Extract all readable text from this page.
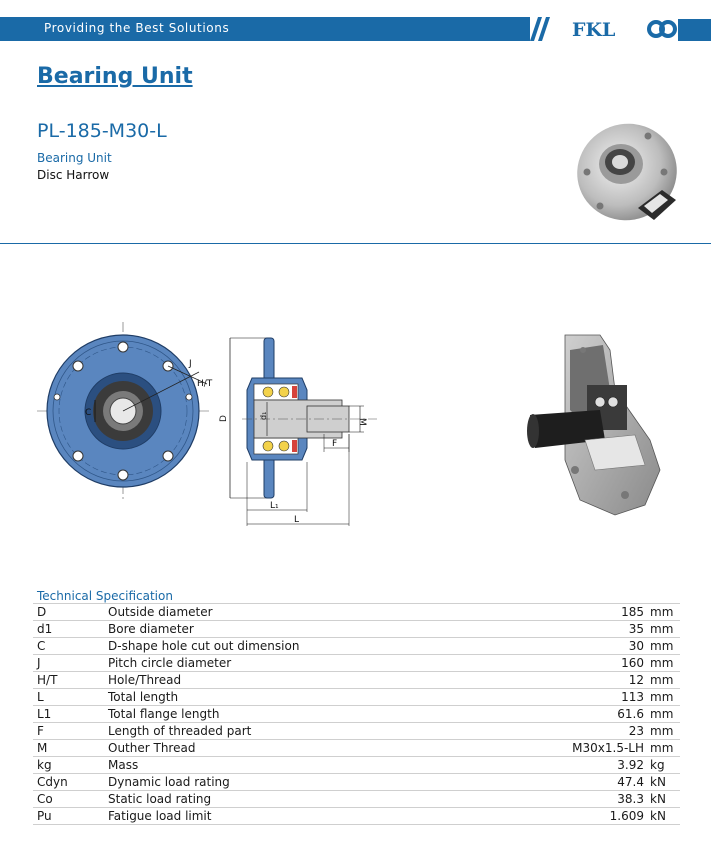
Providing the Best Solutions	FKL
Bearing Unit
PL-185-M30-L
Bearing Unit
Disc Harrow
J
H/T
C
D	d₁
M
F
L₁
L
Technical Specification
D	Outside diameter	185	mm
d1	Bore diameter	35	mm
C	D-shape hole cut out dimension	30	mm
J	Pitch circle diameter	160	mm
H/T	Hole/Thread	12	mm
L	Total length	113	mm
L1	Total flange length	61.6	mm
F	Length of threaded part	23	mm
M	Outher Thread	M30x1.5-LH	mm
kg	Mass	3.92	kg
Cdyn	Dynamic load rating	47.4	kN
Co	Static load rating	38.3	kN
Pu	Fatigue load limit	1.609	kN
